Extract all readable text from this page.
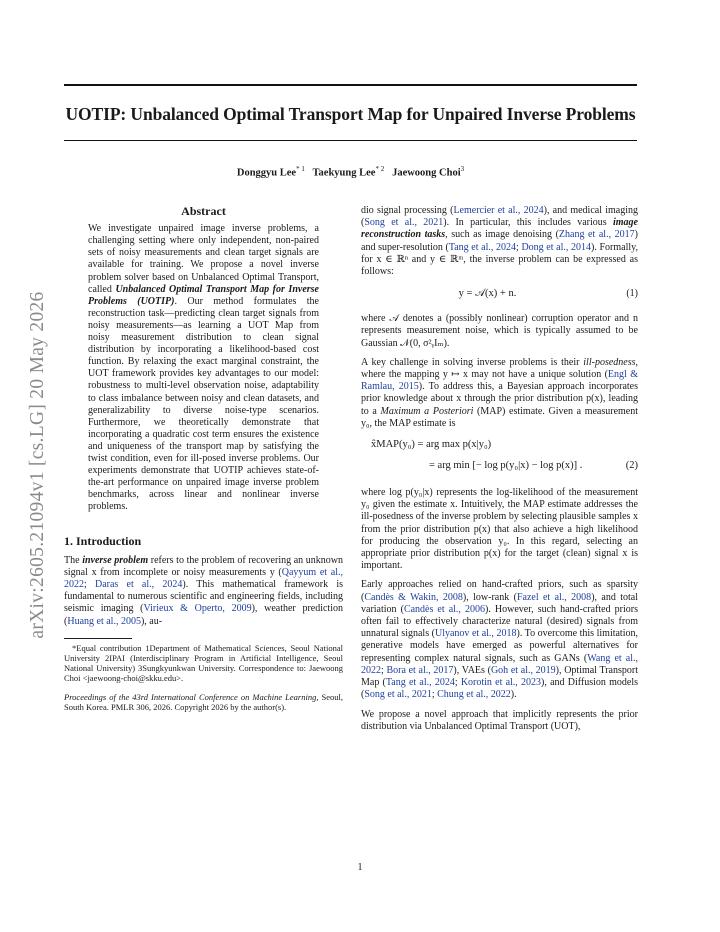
UOTIP: Unbalanced Optimal Transport Map for Unpaired Inverse Problems
Donggyu Lee$^{* 1}$ Taekyung Lee$^{* 2}$ Jaewoong Choi$^3$
arXiv:2605.21094v1 [cs.LG] 20 May 2026
Abstract
We investigate unpaired image inverse problems, a challenging setting where only independent, non-paired sets of noisy measurements and clean target signals are available for training. We propose a novel inverse problem solver based on Unbalanced Optimal Transport, called Unbalanced Optimal Transport Map for Inverse Problems (UOTIP). Our method formulates the reconstruction task—predicting clean target signals from noisy measurements—as learning a UOT Map from noisy measurement distribution to clean signal distribution by incorporating a likelihood-based cost function. By relaxing the exact marginal constraint, the UOT framework provides key advantages to our model: robustness to multi-level observation noise, adaptability to class imbalance between noisy and clean datasets, and generalizability to diverse noise-type scenarios. Furthermore, we theoretically demonstrate that incorporating a quadratic cost term ensures the existence and uniqueness of the transport map by satisfying the twist condition, even for ill-posed inverse problems. Our experiments demonstrate that UOTIP achieves state-of-the-art performance on unpaired image inverse problem benchmarks, across linear and nonlinear inverse problems.
1. Introduction

The inverse problem refers to the problem of recovering an unknown signal x from incomplete or noisy measurements y (Qayyum et al., 2022; Daras et al., 2024). This mathematical framework is fundamental to numerous scientific and engineering fields, including seismic imaging (Virieux & Operto, 2009), weather prediction (Huang et al., 2005), au-

*Equal contribution 1Department of Mathematical Sciences, Seoul National University 2IPAI (Interdisciplinary Program in Artificial Intelligence, Seoul National University) 3Sungkyunkwan University. Correspondence to: Jaewoong Choi <jaewoong-choi@skku.edu>.
Proceedings of the 43rd International Conference on Machine Learning, Seoul, South Korea. PMLR 306, 2026. Copyright 2026 by the author(s).

dio signal processing (Lemercier et al., 2024), and medical imaging (Song et al., 2021). In particular, this includes various image reconstruction tasks, such as image denoising (Zhang et al., 2017) and super-resolution (Tang et al., 2024; Dong et al., 2014). Formally, for x ∈ ℝⁿ and y ∈ ℝᵐ, the inverse problem can be expressed as follows:

y = 𝒜(x) + n.	(1)

where 𝒜 denotes a (possibly nonlinear) corruption operator and n represents measurement noise, which is typically assumed to be Gaussian 𝒩(0, σ²ᵧIₘ).

A key challenge in solving inverse problems is their ill-posedness, where the mapping y ↦ x may not have a unique solution (Engl & Ramlau, 2015). To address this, a Bayesian approach incorporates prior knowledge about x through the prior distribution p(x), leading to a Maximum a Posteriori (MAP) estimate. Given a measurement y₀, the MAP estimate is

x̂MAP(y₀) = arg max p(x|y₀)
= arg min [− log p(y₀|x) − log p(x)] .	(2)

where log p(y₀|x) represents the log-likelihood of the measurement y₀ given the estimate x. Intuitively, the MAP estimate addresses the ill-posedness of the inverse problem by selecting plausible samples x from the prior distribution p(x) that also achieve a high likelihood for producing the observation y₀. In this regard, selecting an appropriate prior distribution p(x) for the target (clean) signal x is important.

Early approaches relied on hand-crafted priors, such as sparsity (Candès & Wakin, 2008), low-rank (Fazel et al., 2008), and total variation (Candès et al., 2006). However, such hand-crafted priors often fail to effectively characterize natural (desired) signals from unnatural signals (Ulyanov et al., 2018). To overcome this limitation, generative models have emerged as powerful alternatives for representing complex natural signals, such as GANs (Wang et al., 2022; Bora et al., 2017), VAEs (Goh et al., 2019), Optimal Transport Map (Tang et al., 2024; Korotin et al., 2023), and Diffusion models (Song et al., 2021; Chung et al., 2022).

We propose a novel approach that implicitly represents the prior distribution via Unbalanced Optimal Transport (UOT),

1
